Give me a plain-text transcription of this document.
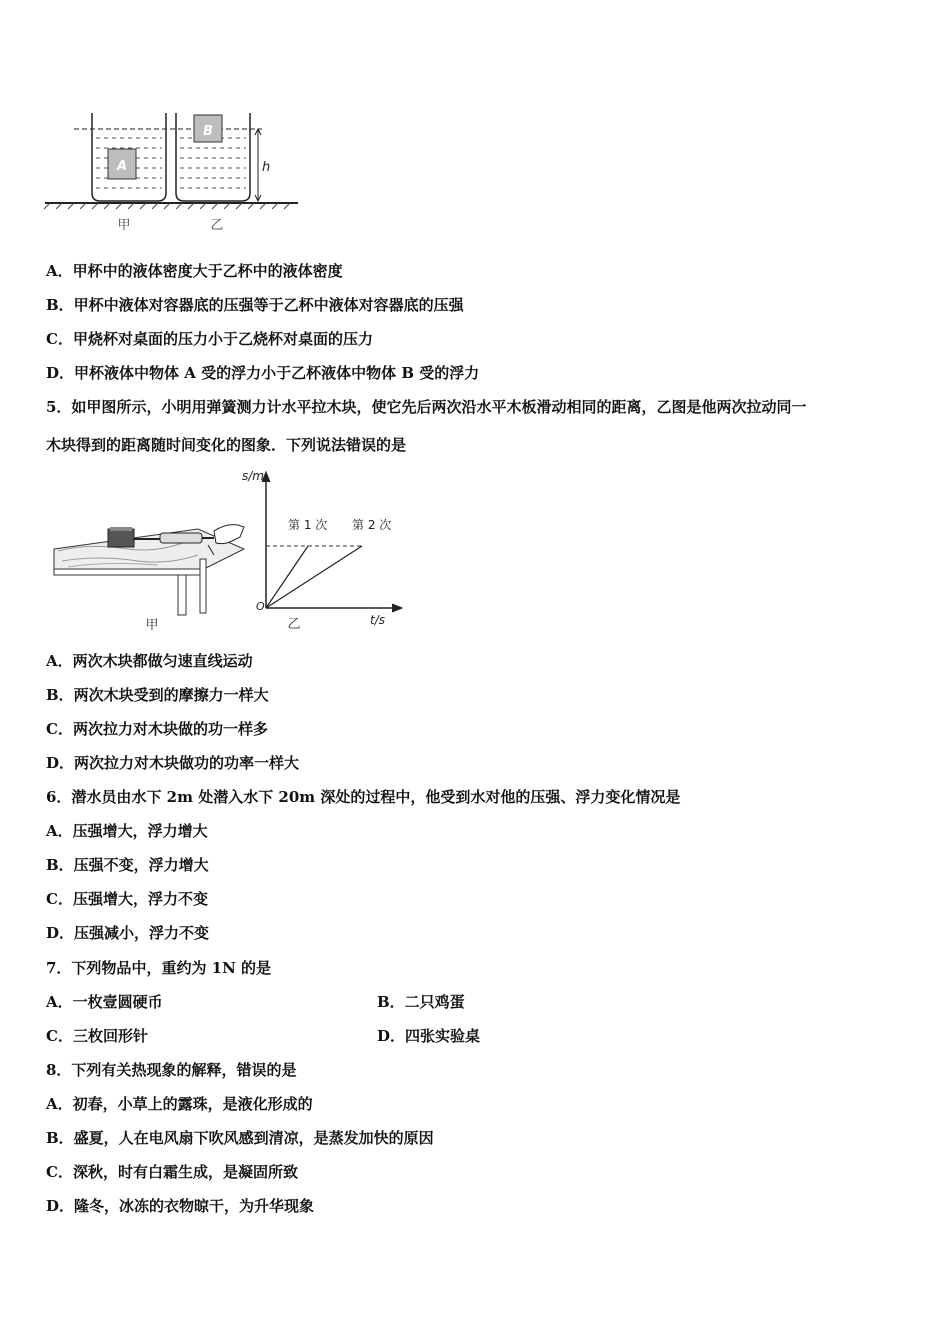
A
B
h
甲	乙
A．甲杯中的液体密度大于乙杯中的液体密度
B．甲杯中液体对容器底的压强等于乙杯中液体对容器底的压强
C．甲烧杯对桌面的压力小于乙烧杯对桌面的压力
D．甲杯液体中物体 A 受的浮力小于乙杯液体中物体 B 受的浮力
5．如甲图所示，小明用弹簧测力计水平拉木块，使它先后两次沿水平木板滑动相同的距离，乙图是他两次拉动同一
木块得到的距离随时间变化的图象．下列说法错误的是
甲
s/m
t/s
O
第 1 次 第 2 次
乙
A．两次木块都做匀速直线运动
B．两次木块受到的摩擦力一样大
C．两次拉力对木块做的功一样多
D．两次拉力对木块做功的功率一样大
6．潜水员由水下 2m 处潜入水下 20m 深处的过程中，他受到水对他的压强、浮力变化情况是
A．压强增大，浮力增大
B．压强不变，浮力增大
C．压强增大，浮力不变
D．压强减小，浮力不变
7．下列物品中，重约为 1N 的是
A．一枚壹圆硬币	B．二只鸡蛋
C．三枚回形针	D．四张实验桌
8．下列有关热现象的解释，错误的是
A．初春，小草上的露珠，是液化形成的
B．盛夏，人在电风扇下吹风感到清凉，是蒸发加快的原因
C．深秋，时有白霜生成，是凝固所致
D．隆冬，冰冻的衣物晾干，为升华现象
